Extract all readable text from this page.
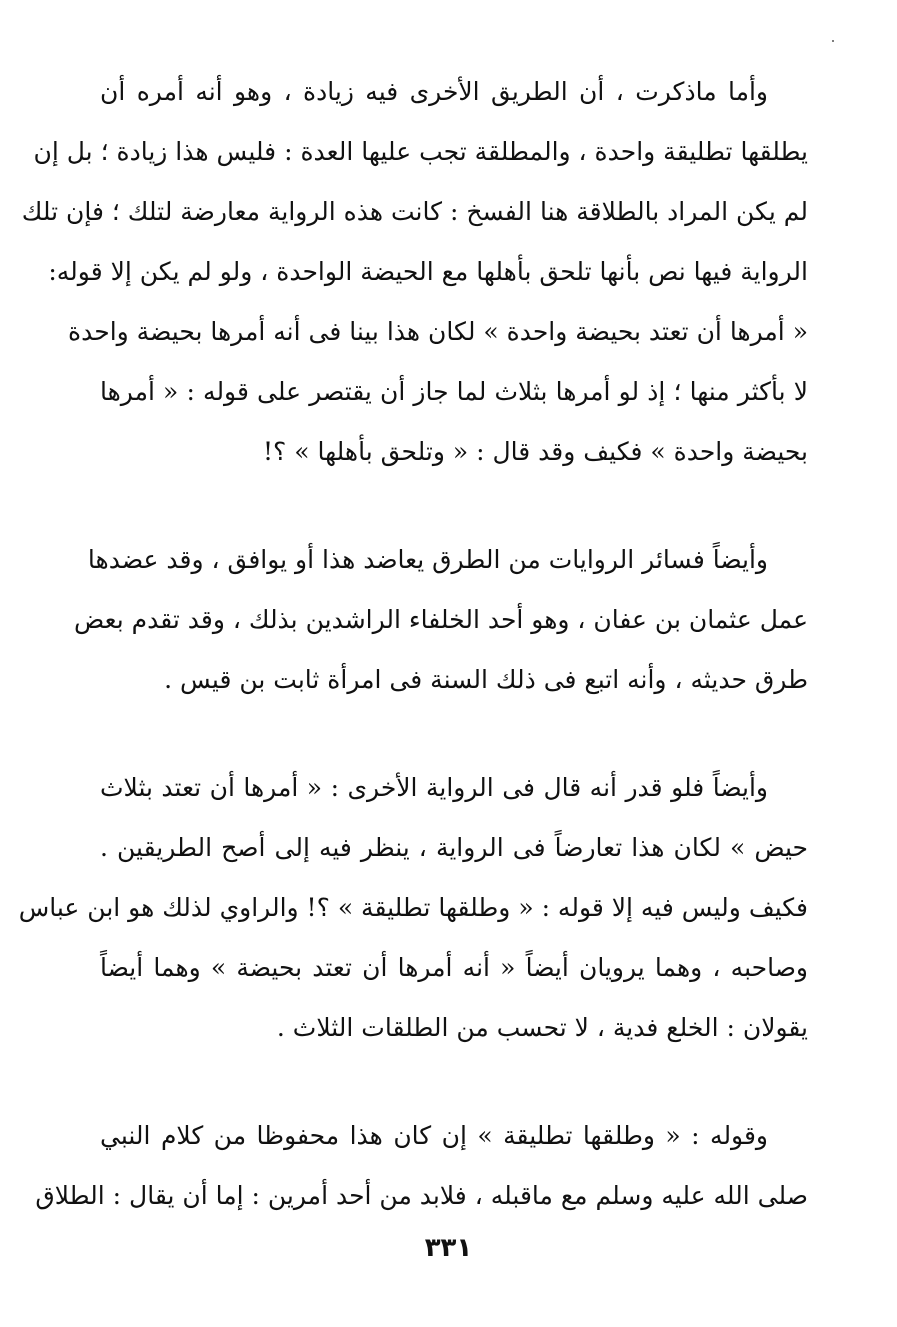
وأما ماذكرت ، أن الطريق الأخرى فيه زيادة ، وهو أنه أمره أن
يطلقها تطليقة واحدة ، والمطلقة تجب عليها العدة : فليس هذا زيادة ؛ بل إن
لم يكن المراد بالطلاقة هنا الفسخ : كانت هذه الرواية معارضة لتلك ؛ فإن تلك
الرواية فيها نص بأنها تلحق بأهلها مع الحيضة الواحدة ، ولو لم يكن إلا قوله:
« أمرها أن تعتد بحيضة واحدة » لكان هذا بينا فى أنه أمرها بحيضة واحدة
لا بأكثر منها ؛ إذ لو أمرها بثلاث لما جاز أن يقتصر على قوله : « أمرها
بحيضة واحدة » فكيف وقد قال : « وتلحق بأهلها » ؟!
وأيضاً فسائر الروايات من الطرق يعاضد هذا أو يوافق ، وقد عضدها
عمل عثمان بن عفان ، وهو أحد الخلفاء الراشدين بذلك ، وقد تقدم بعض
طرق حديثه ، وأنه اتبع فى ذلك السنة فى امرأة ثابت بن قيس .
وأيضاً فلو قدر أنه قال فى الرواية الأخرى : « أمرها أن تعتد بثلاث
حيض » لكان هذا تعارضاً فى الرواية ، ينظر فيه إلى أصح الطريقين .
فكيف وليس فيه إلا قوله : « وطلقها تطليقة » ؟! والراوي لذلك هو ابن عباس
وصاحبه ، وهما يرويان أيضاً « أنه أمرها أن تعتد بحيضة » وهما أيضاً
يقولان : الخلع فدية ، لا تحسب من الطلقات الثلاث .
وقوله : « وطلقها تطليقة » إن كان هذا محفوظا من كلام النبي
صلى الله عليه وسلم مع ماقبله ، فلابد من أحد أمرين : إما أن يقال : الطلاق
٣٣١
